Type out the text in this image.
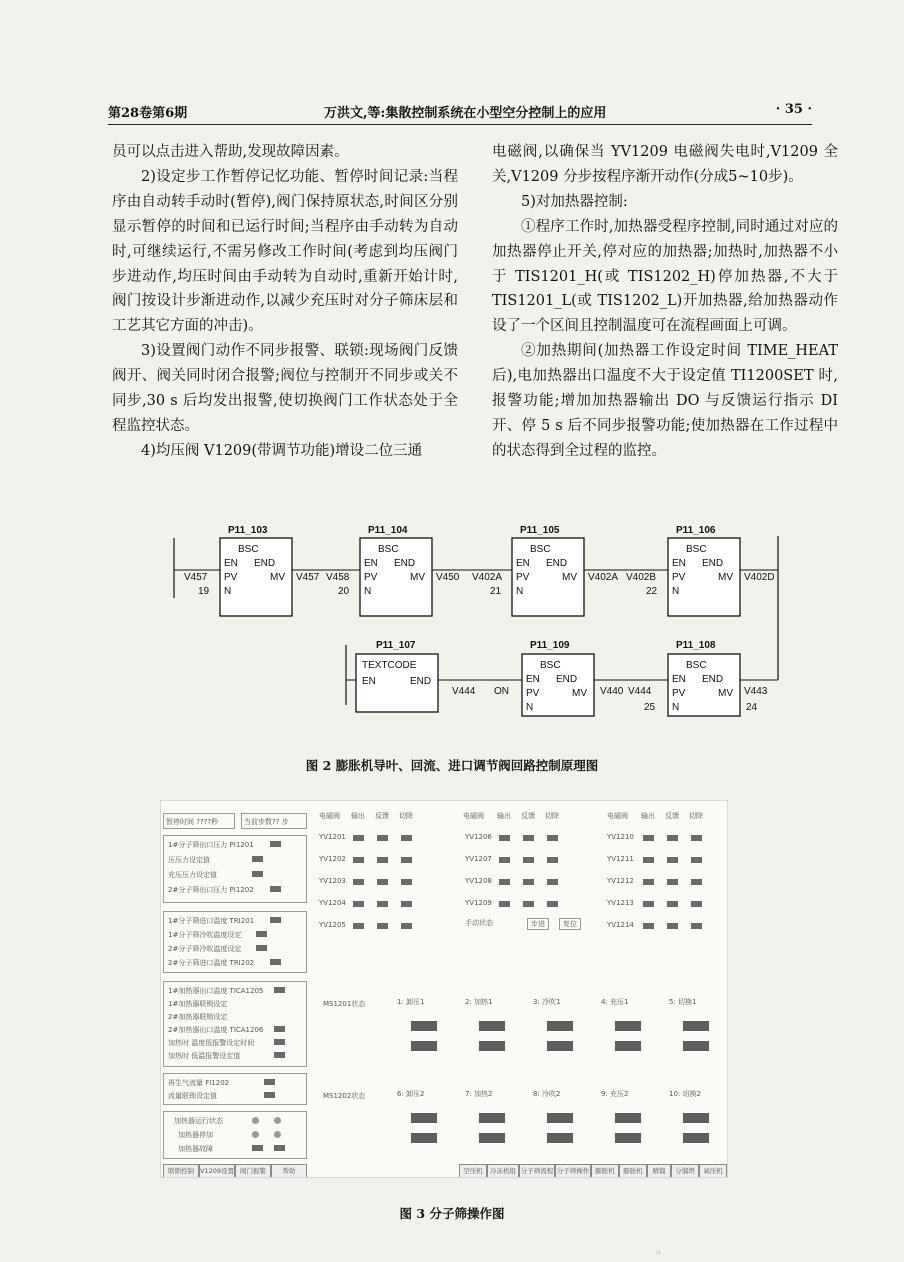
第28卷第6期	万洪文,等:集散控制系统在小型空分控制上的应用	· 35 ·

员可以点击进入帮助,发现故障因素。

2)设定步工作暂停记忆功能、暂停时间记录:当程序由自动转手动时(暂停),阀门保持原状态,时间区分别显示暂停的时间和已运行时间;当程序由手动转为自动时,可继续运行,不需另修改工作时间(考虑到均压阀门步进动作,均压时间由手动转为自动时,重新开始计时,阀门按设计步渐进动作,以减少充压时对分子筛床层和工艺其它方面的冲击)。

3)设置阀门动作不同步报警、联锁:现场阀门反馈阀开、阀关同时闭合报警;阀位与控制开不同步或关不同步,30 s 后均发出报警,使切换阀门工作状态处于全程监控状态。

4)均压阀 V1209(带调节功能)增设二位三通

电磁阀,以确保当 YV1209 电磁阀失电时,V1209 全关,V1209 分步按程序渐开动作(分成5~10步)。

5)对加热器控制:

①程序工作时,加热器受程序控制,同时通过对应的加热器停止开关,停对应的加热器;加热时,加热器不小于 TIS1201_H(或 TIS1202_H)停加热器,不大于 TIS1201_L(或 TIS1202_L)开加热器,给加热器动作设了一个区间且控制温度可在流程画面上可调。

②加热期间(加热器工作设定时间 TIME_HEAT 后),电加热器出口温度不大于设定值 TI1200SET 时,报警功能;增加加热器输出 DO 与反馈运行指示 DI 开、停 5 s 后不同步报警功能;使加热器在工作过程中的状态得到全过程的监控。

P11_103
BSC
EN END
PV	MV
N
V457
19
V457
P11_104
BSC
EN END
PV	MV
N
V458
20
V450
P11_105
BSC
EN END
PV	MV
N
V402A
21
V402A
P11_106
BSC
EN END
PV	MV
N
V402B
22
V402D
P11_107
TEXTCODE
EN	END
V444
P11_109
BSC
EN END
PV	MV
N
ON	V440
P11_108
BSC
EN END
PV	MV
N
V444
25
V443
24
图 2 膨胀机导叶、回流、进口调节阀回路控制原理图
暂停时间 ????秒	当前步数?? 步
1#分子筛出口压力 PI1201
压压力设定值
充压压力设定值
2#分子筛出口压力 PI1202
1#分子筛进口温度 TRI201
1#分子筛冷吹温度设定
2#分子筛冷吹温度设定
2#分子筛进口温度 TRI202
1#加热器出口温度 TICA1205
1#加热器联锁设定
2#加热器联锁设定
2#加热器出口温度 TICA1206
加热时 温度低报警设定时间
加热时 低温报警设定值
再生气流量 FI1202
流量联锁设定值
加热器运行状态
加热器停加
加热器故障
联锁控制 V1209设置 阀门报警	帮助
电磁阀 输出 反馈 切除	电磁阀 输出 反馈 切除	电磁阀 输出 反馈 切除
YV1201
YV1202
YV1203
YV1204
YV1205
YV1206
YV1207
YV1208
YV1209
手动状态	步进	复位
YV1210
YV1211
YV1212
YV1213
YV1214
MS1201状态	1: 卸压1	2: 加热1	3: 冷吹1	4: 充压1	5: 切换1
MS1202状态	6: 卸压2	7: 加热2	8: 冷吹2	9: 充压2	10: 切换2
空压机	冷冻机组 分子筛流程 分子筛操作 膨胀机	膨胀机	精馏	分馏塔	氧压机
图 3 分子筛操作图
。
